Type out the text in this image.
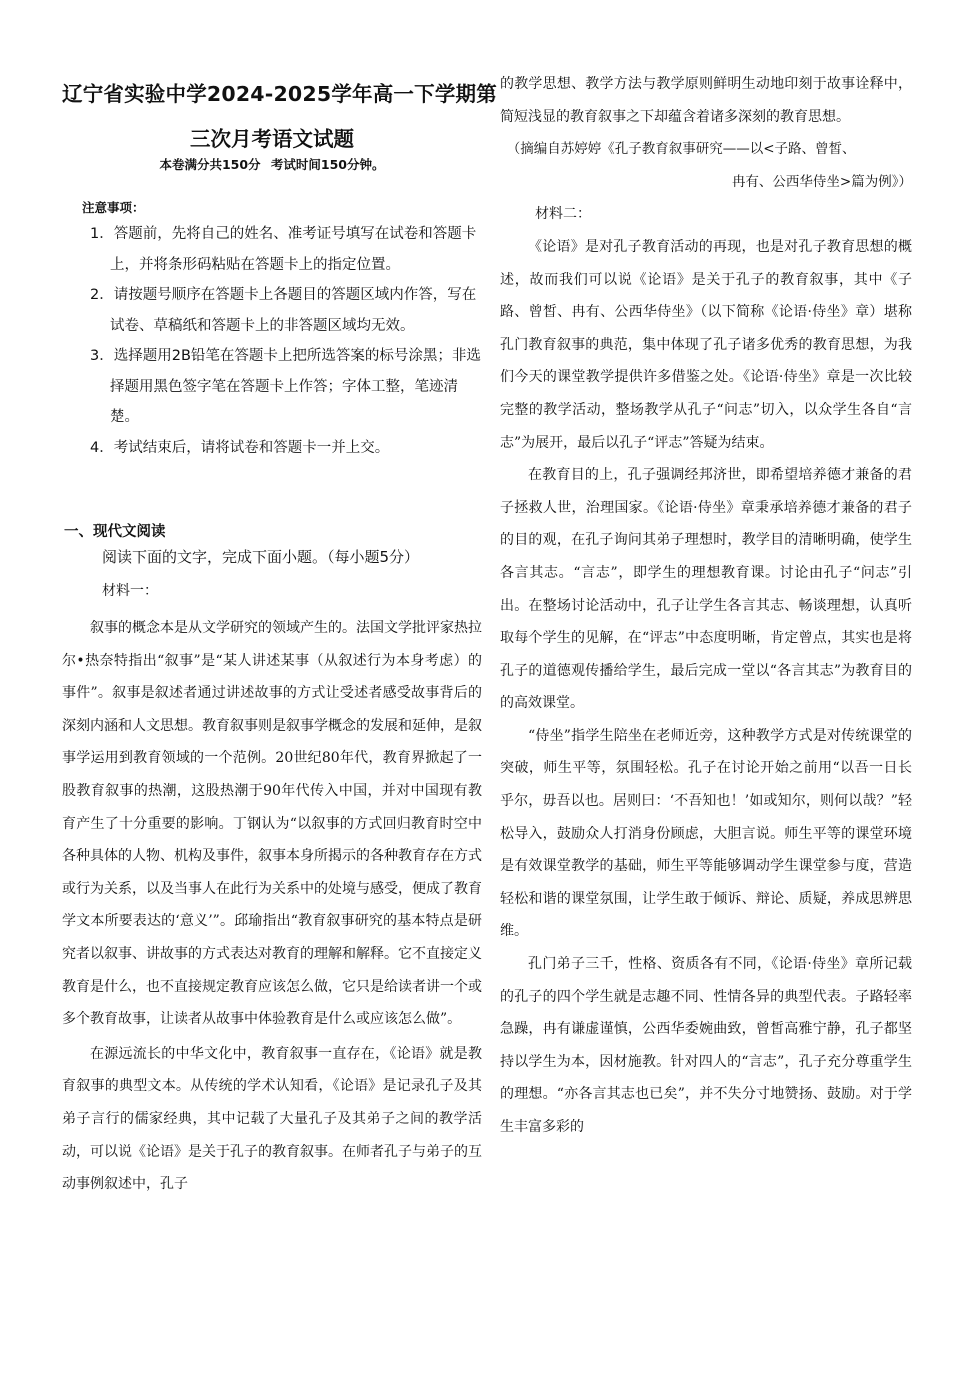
辽宁省实验中学2024-2025学年高一下学期第
三次月考语文试题
本卷满分共150分 考试时间150分钟。
注意事项：
1．答题前，先将自己的姓名、准考证号填写在试卷和答题卡上，并将条形码粘贴在答题卡上的指定位置。
2．请按题号顺序在答题卡上各题目的答题区域内作答，写在试卷、草稿纸和答题卡上的非答题区域均无效。
3．选择题用2B铅笔在答题卡上把所选答案的标号涂黑；非选择题用黑色签字笔在答题卡上作答；字体工整，笔迹清楚。
4．考试结束后，请将试卷和答题卡一并上交。
一、现代文阅读
阅读下面的文字，完成下面小题。（每小题5分）
材料一：

叙事的概念本是从文学研究的领域产生的。法国文学批评家热拉尔•热奈特指出“叙事”是“某人讲述某事（从叙述行为本身考虑）的事件”。叙事是叙述者通过讲述故事的方式让受述者感受故事背后的深刻内涵和人文思想。教育叙事则是叙事学概念的发展和延伸，是叙事学运用到教育领域的一个范例。20世纪80年代，教育界掀起了一股教育叙事的热潮，这股热潮于90年代传入中国，并对中国现有教育产生了十分重要的影响。丁钢认为“以叙事的方式回归教育时空中各种具体的人物、机构及事件，叙事本身所揭示的各种教育存在方式或行为关系，以及当事人在此行为关系中的处境与感受，便成了教育学文本所要表达的‘意义’”。邱瑜指出“教育叙事研究的基本特点是研究者以叙事、讲故事的方式表达对教育的理解和解释。它不直接定义教育是什么，也不直接规定教育应该怎么做，它只是给读者讲一个或多个教育故事，让读者从故事中体验教育是什么或应该怎么做”。

在源远流长的中华文化中，教育叙事一直存在，《论语》就是教育叙事的典型文本。从传统的学术认知看，《论语》是记录孔子及其弟子言行的儒家经典，其中记载了大量孔子及其弟子之间的教学活动，可以说《论语》是关于孔子的教育叙事。在师者孔子与弟子的互动事例叙述中，孔子

的教学思想、教学方法与教学原则鲜明生动地印刻于故事诠释中，简短浅显的教育叙事之下却蕴含着诸多深刻的教育思想。

（摘编自苏婷婷《孔子教育叙事研究——以<子路、曾皙、
冉有、公西华侍坐>篇为例》）
材料二：

《论语》是对孔子教育活动的再现，也是对孔子教育思想的概述，故而我们可以说《论语》是关于孔子的教育叙事，其中《子路、曾皙、冉有、公西华侍坐》（以下简称《论语·侍坐》章）堪称孔门教育叙事的典范，集中体现了孔子诸多优秀的教育思想，为我们今天的课堂教学提供许多借鉴之处。《论语·侍坐》章是一次比较完整的教学活动，整场教学从孔子“问志”切入，以众学生各自“言志”为展开，最后以孔子“评志”答疑为结束。

在教育目的上，孔子强调经邦济世，即希望培养德才兼备的君子拯救人世，治理国家。《论语·侍坐》章秉承培养德才兼备的君子的目的观，在孔子询问其弟子理想时，教学目的清晰明确，使学生各言其志。“言志”，即学生的理想教育课。讨论由孔子“问志”引出。在整场讨论活动中，孔子让学生各言其志、畅谈理想，认真听取每个学生的见解，在“评志”中态度明晰，肯定曾点，其实也是将孔子的道德观传播给学生，最后完成一堂以“各言其志”为教育目的的高效课堂。

“侍坐”指学生陪坐在老师近旁，这种教学方式是对传统课堂的突破，师生平等，氛围轻松。孔子在讨论开始之前用“以吾一日长乎尔，毋吾以也。居则曰：‘不吾知也！’如或知尔，则何以哉？”轻松导入，鼓励众人打消身份顾虑，大胆言说。师生平等的课堂环境是有效课堂教学的基础，师生平等能够调动学生课堂参与度，营造轻松和谐的课堂氛围，让学生敢于倾诉、辩论、质疑，养成思辨思维。

孔门弟子三千，性格、资质各有不同，《论语·侍坐》章所记载的孔子的四个学生就是志趣不同、性情各异的典型代表。子路轻率急躁，冉有谦虚谨慎，公西华委婉曲致，曾皙高雅宁静，孔子都坚持以学生为本，因材施教。针对四人的“言志”，孔子充分尊重学生的理想。“亦各言其志也已矣”，并不失分寸地赞扬、鼓励。对于学生丰富多彩的
